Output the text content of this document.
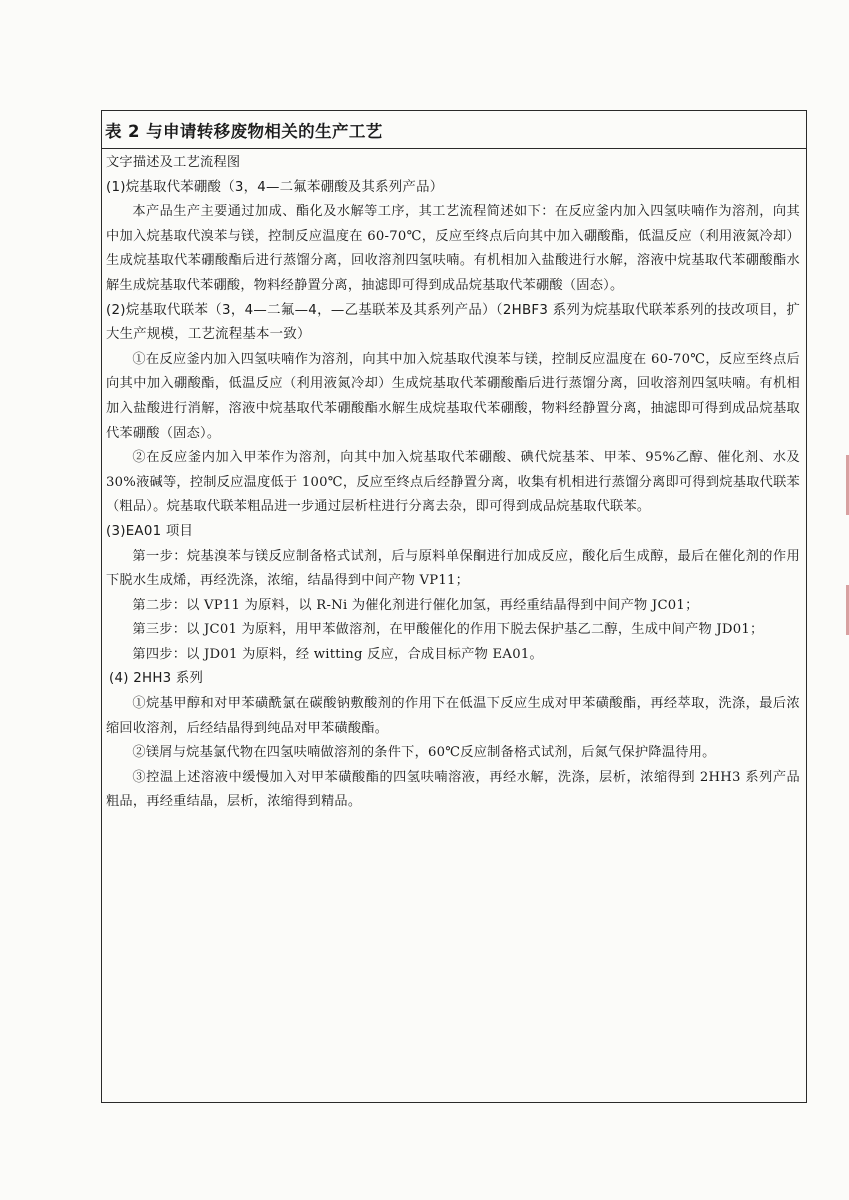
表 2 与申请转移废物相关的生产工艺

文字描述及工艺流程图

(1)烷基取代苯硼酸（3，4—二氟苯硼酸及其系列产品）

本产品生产主要通过加成、酯化及水解等工序，其工艺流程简述如下：在反应釜内加入四氢呋喃作为溶剂，向其中加入烷基取代溴苯与镁，控制反应温度在 60-70℃，反应至终点后向其中加入硼酸酯，低温反应（利用液氮冷却）生成烷基取代苯硼酸酯后进行蒸馏分离，回收溶剂四氢呋喃。有机相加入盐酸进行水解，溶液中烷基取代苯硼酸酯水解生成烷基取代苯硼酸，物料经静置分离，抽滤即可得到成品烷基取代苯硼酸（固态）。

(2)烷基取代联苯（3，4—二氟—4，—乙基联苯及其系列产品）（2HBF3 系列为烷基取代联苯系列的技改项目，扩大生产规模，工艺流程基本一致）

①在反应釜内加入四氢呋喃作为溶剂，向其中加入烷基取代溴苯与镁，控制反应温度在 60-70℃，反应至终点后向其中加入硼酸酯，低温反应（利用液氮冷却）生成烷基取代苯硼酸酯后进行蒸馏分离，回收溶剂四氢呋喃。有机相加入盐酸进行消解，溶液中烷基取代苯硼酸酯水解生成烷基取代苯硼酸，物料经静置分离，抽滤即可得到成品烷基取代苯硼酸（固态）。

②在反应釜内加入甲苯作为溶剂，向其中加入烷基取代苯硼酸、碘代烷基苯、甲苯、95%乙醇、催化剂、水及 30%液碱等，控制反应温度低于 100℃，反应至终点后经静置分离，收集有机相进行蒸馏分离即可得到烷基取代联苯（粗品）。烷基取代联苯粗品进一步通过层析柱进行分离去杂，即可得到成品烷基取代联苯。

(3)EA01 项目

第一步：烷基溴苯与镁反应制备格式试剂，后与原料单保酮进行加成反应，酸化后生成醇，最后在催化剂的作用下脱水生成烯，再经洗涤，浓缩，结晶得到中间产物 VP11；

第二步：以 VP11 为原料，以 R-Ni 为催化剂进行催化加氢，再经重结晶得到中间产物 JC01；

第三步：以 JC01 为原料，用甲苯做溶剂，在甲酸催化的作用下脱去保护基乙二醇，生成中间产物 JD01；

第四步：以 JD01 为原料，经 witting 反应，合成目标产物 EA01。

(4) 2HH3 系列

①烷基甲醇和对甲苯磺酰氯在碳酸钠敷酸剂的作用下在低温下反应生成对甲苯磺酸酯，再经萃取，洗涤，最后浓缩回收溶剂，后经结晶得到纯品对甲苯磺酸酯。

②镁屑与烷基氯代物在四氢呋喃做溶剂的条件下，60℃反应制备格式试剂，后氮气保护降温待用。

③控温上述溶液中缓慢加入对甲苯磺酸酯的四氢呋喃溶液，再经水解，洗涤，层析，浓缩得到 2HH3 系列产品粗品，再经重结晶，层析，浓缩得到精品。
